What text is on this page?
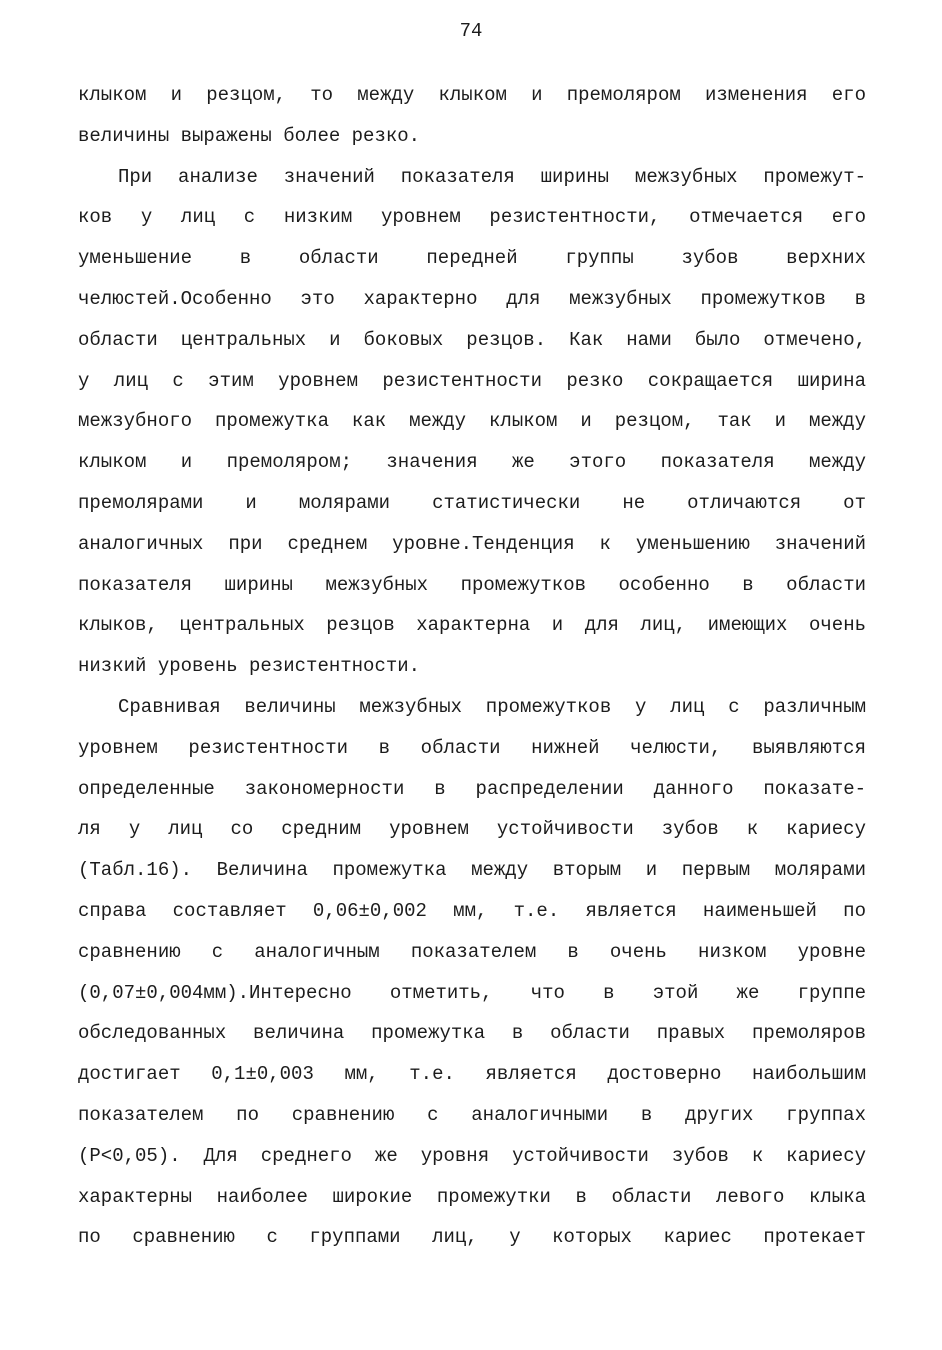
74
клыком и резцом, то между клыком и премоляром изменения его
величины выражены более резко.
При анализе значений показателя ширины межзубных промежут-
ков у лиц с низким уровнем резистентности, отмечается его
уменьшение в области передней группы зубов верхних
челюстей.Особенно это характерно для межзубных промежутков в
области центральных и боковых резцов. Как нами было отмечено,
у лиц с этим уровнем резистентности резко сокращается ширина
межзубного промежутка как между клыком и резцом, так и между
клыком и премоляром; значения же этого показателя между
премолярами и молярами статистически не отличаются от
аналогичных при среднем уровне.Тенденция к уменьшению значений
показателя ширины межзубных промежутков особенно в области
клыков, центральных резцов характерна и для лиц, имеющих очень
низкий уровень резистентности.
Сравнивая величины межзубных промежутков у лиц с различным
уровнем резистентности в области нижней челюсти, выявляются
определенные закономерности в распределении данного показате-
ля у лиц со средним уровнем устойчивости зубов к кариесу
(Табл.16). Величина промежутка между вторым и первым молярами
справа составляет 0,06±0,002 мм, т.е. является наименьшей по
сравнению с аналогичным показателем в очень низком уровне
(0,07±0,004мм).Интересно отметить, что в этой же группе
обследованных величина промежутка в области правых премоляров
достигает 0,1±0,003 мм, т.е. является достоверно наибольшим
показателем по сравнению с аналогичными в других группах
(Р<0,05). Для среднего же уровня устойчивости зубов к кариесу
характерны наиболее широкие промежутки в области левого клыка
по сравнению с группами лиц, у которых кариес протекает
